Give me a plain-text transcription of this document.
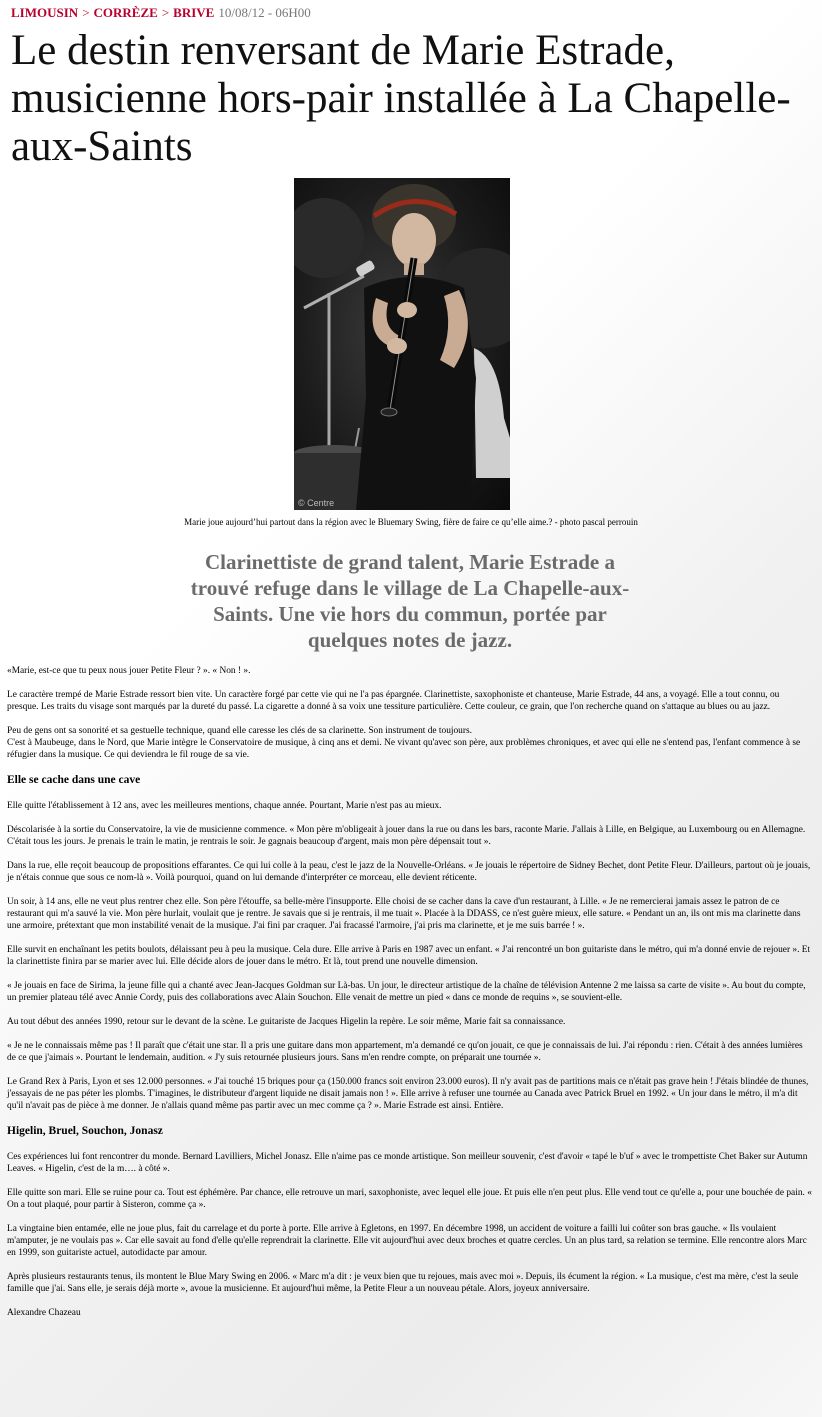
LIMOUSIN > CORRÈZE > BRIVE 10/08/12 - 06H00
Le destin renversant de Marie Estrade, musicienne hors-pair installée à La Chapelle-aux-Saints
© Centre
Marie joue aujourd’hui partout dans la région avec le Bluemary Swing, fière de faire ce qu’elle aime.? - photo pascal perrouin
Clarinettiste de grand talent, Marie Estrade a trouvé refuge dans le village de La Chapelle-aux-Saints. Une vie hors du commun, portée par quelques notes de jazz.

«Marie, est-ce que tu peux nous jouer Petite Fleur ? ». « Non ! ».

Le caractère trempé de Marie Estrade ressort bien vite. Un caractère forgé par cette vie qui ne l'a pas épargnée. Clarinettiste, saxophoniste et chanteuse, Marie Estrade, 44 ans, a voyagé. Elle a tout connu, ou presque. Les traits du visage sont marqués par la dureté du passé. La cigarette a donné à sa voix une tessiture particulière. Cette couleur, ce grain, que l'on recherche quand on s'attaque au blues ou au jazz.

Peu de gens ont sa sonorité et sa gestuelle technique, quand elle caresse les clés de sa clarinette. Son instrument de toujours.
C'est à Maubeuge, dans le Nord, que Marie intègre le Conservatoire de musique, à cinq ans et demi. Ne vivant qu'avec son père, aux problèmes chroniques, et avec qui elle ne s'entend pas, l'enfant commence à se réfugier dans la musique. Ce qui deviendra le fil rouge de sa vie.

Elle se cache dans une cave

Elle quitte l'établissement à 12 ans, avec les meilleures mentions, chaque année. Pourtant, Marie n'est pas au mieux.

Déscolarisée à la sortie du Conservatoire, la vie de musicienne commence. « Mon père m'obligeait à jouer dans la rue ou dans les bars, raconte Marie. J'allais à Lille, en Belgique, au Luxembourg ou en Allemagne. C'était tous les jours. Je prenais le train le matin, je rentrais le soir. Je gagnais beaucoup d'argent, mais mon père dépensait tout ».

Dans la rue, elle reçoit beaucoup de propositions effarantes. Ce qui lui colle à la peau, c'est le jazz de la Nouvelle-Orléans. « Je jouais le répertoire de Sidney Bechet, dont Petite Fleur. D'ailleurs, partout où je jouais, je n'étais connue que sous ce nom-là ». Voilà pourquoi, quand on lui demande d'interpréter ce morceau, elle devient réticente.

Un soir, à 14 ans, elle ne veut plus rentrer chez elle. Son père l'étouffe, sa belle-mère l'insupporte. Elle choisi de se cacher dans la cave d'un restaurant, à Lille. « Je ne remercierai jamais assez le patron de ce restaurant qui m'a sauvé la vie. Mon père hurlait, voulait que je rentre. Je savais que si je rentrais, il me tuait ». Placée à la DDASS, ce n'est guère mieux, elle sature. « Pendant un an, ils ont mis ma clarinette dans une armoire, prétextant que mon instabilité venait de la musique. J'ai fini par craquer. J'ai fracassé l'armoire, j'ai pris ma clarinette, et je me suis barrée ! ».

Elle survit en enchaînant les petits boulots, délaissant peu à peu la musique. Cela dure. Elle arrive à Paris en 1987 avec un enfant. « J'ai rencontré un bon guitariste dans le métro, qui m'a donné envie de rejouer ». Et la clarinettiste finira par se marier avec lui. Elle décide alors de jouer dans le métro. Et là, tout prend une nouvelle dimension.

« Je jouais en face de Sirima, la jeune fille qui a chanté avec Jean-Jacques Goldman sur Là-bas. Un jour, le directeur artistique de la chaîne de télévision Antenne 2 me laissa sa carte de visite ». Au bout du compte, un premier plateau télé avec Annie Cordy, puis des collaborations avec Alain Souchon. Elle venait de mettre un pied « dans ce monde de requins », se souvient-elle.

Au tout début des années 1990, retour sur le devant de la scène. Le guitariste de Jacques Higelin la repère. Le soir même, Marie fait sa connaissance.

« Je ne le connaissais même pas ! Il paraît que c'était une star. Il a pris une guitare dans mon appartement, m'a demandé ce qu'on jouait, ce que je connaissais de lui. J'ai répondu : rien. C'était à des années lumières de ce que j'aimais ». Pourtant le lendemain, audition. « J'y suis retournée plusieurs jours. Sans m'en rendre compte, on préparait une tournée ».

Le Grand Rex à Paris, Lyon et ses 12.000 personnes. « J'ai touché 15 briques pour ça (150.000 francs soit environ 23.000 euros). Il n'y avait pas de partitions mais ce n'était pas grave hein ! J'étais blindée de thunes, j'essayais de ne pas péter les plombs. T'imagines, le distributeur d'argent liquide ne disait jamais non ! ». Elle arrive à refuser une tournée au Canada avec Patrick Bruel en 1992. « Un jour dans le métro, il m'a dit qu'il n'avait pas de pièce à me donner. Je n'allais quand même pas partir avec un mec comme ça ? ». Marie Estrade est ainsi. Entière.

Higelin, Bruel, Souchon, Jonasz

Ces expériences lui font rencontrer du monde. Bernard Lavilliers, Michel Jonasz. Elle n'aime pas ce monde artistique. Son meilleur souvenir, c'est d'avoir « tapé le b'uf » avec le trompettiste Chet Baker sur Autumn Leaves. « Higelin, c'est de la m…. à côté ».

Elle quitte son mari. Elle se ruine pour ca. Tout est éphémère. Par chance, elle retrouve un mari, saxophoniste, avec lequel elle joue. Et puis elle n'en peut plus. Elle vend tout ce qu'elle a, pour une bouchée de pain. « On a tout plaqué, pour partir à Sisteron, comme ça ».

La vingtaine bien entamée, elle ne joue plus, fait du carrelage et du porte à porte. Elle arrive à Egletons, en 1997. En décembre 1998, un accident de voiture a failli lui coûter son bras gauche. « Ils voulaient m'amputer, je ne voulais pas ». Car elle savait au fond d'elle qu'elle reprendrait la clarinette. Elle vit aujourd'hui avec deux broches et quatre cercles. Un an plus tard, sa relation se termine. Elle rencontre alors Marc en 1999, son guitariste actuel, autodidacte par amour.

Après plusieurs restaurants tenus, ils montent le Blue Mary Swing en 2006. « Marc m'a dit : je veux bien que tu rejoues, mais avec moi ». Depuis, ils écument la région. « La musique, c'est ma mère, c'est la seule famille que j'ai. Sans elle, je serais déjà morte », avoue la musicienne. Et aujourd'hui même, la Petite Fleur a un nouveau pétale. Alors, joyeux anniversaire.

Alexandre Chazeau
